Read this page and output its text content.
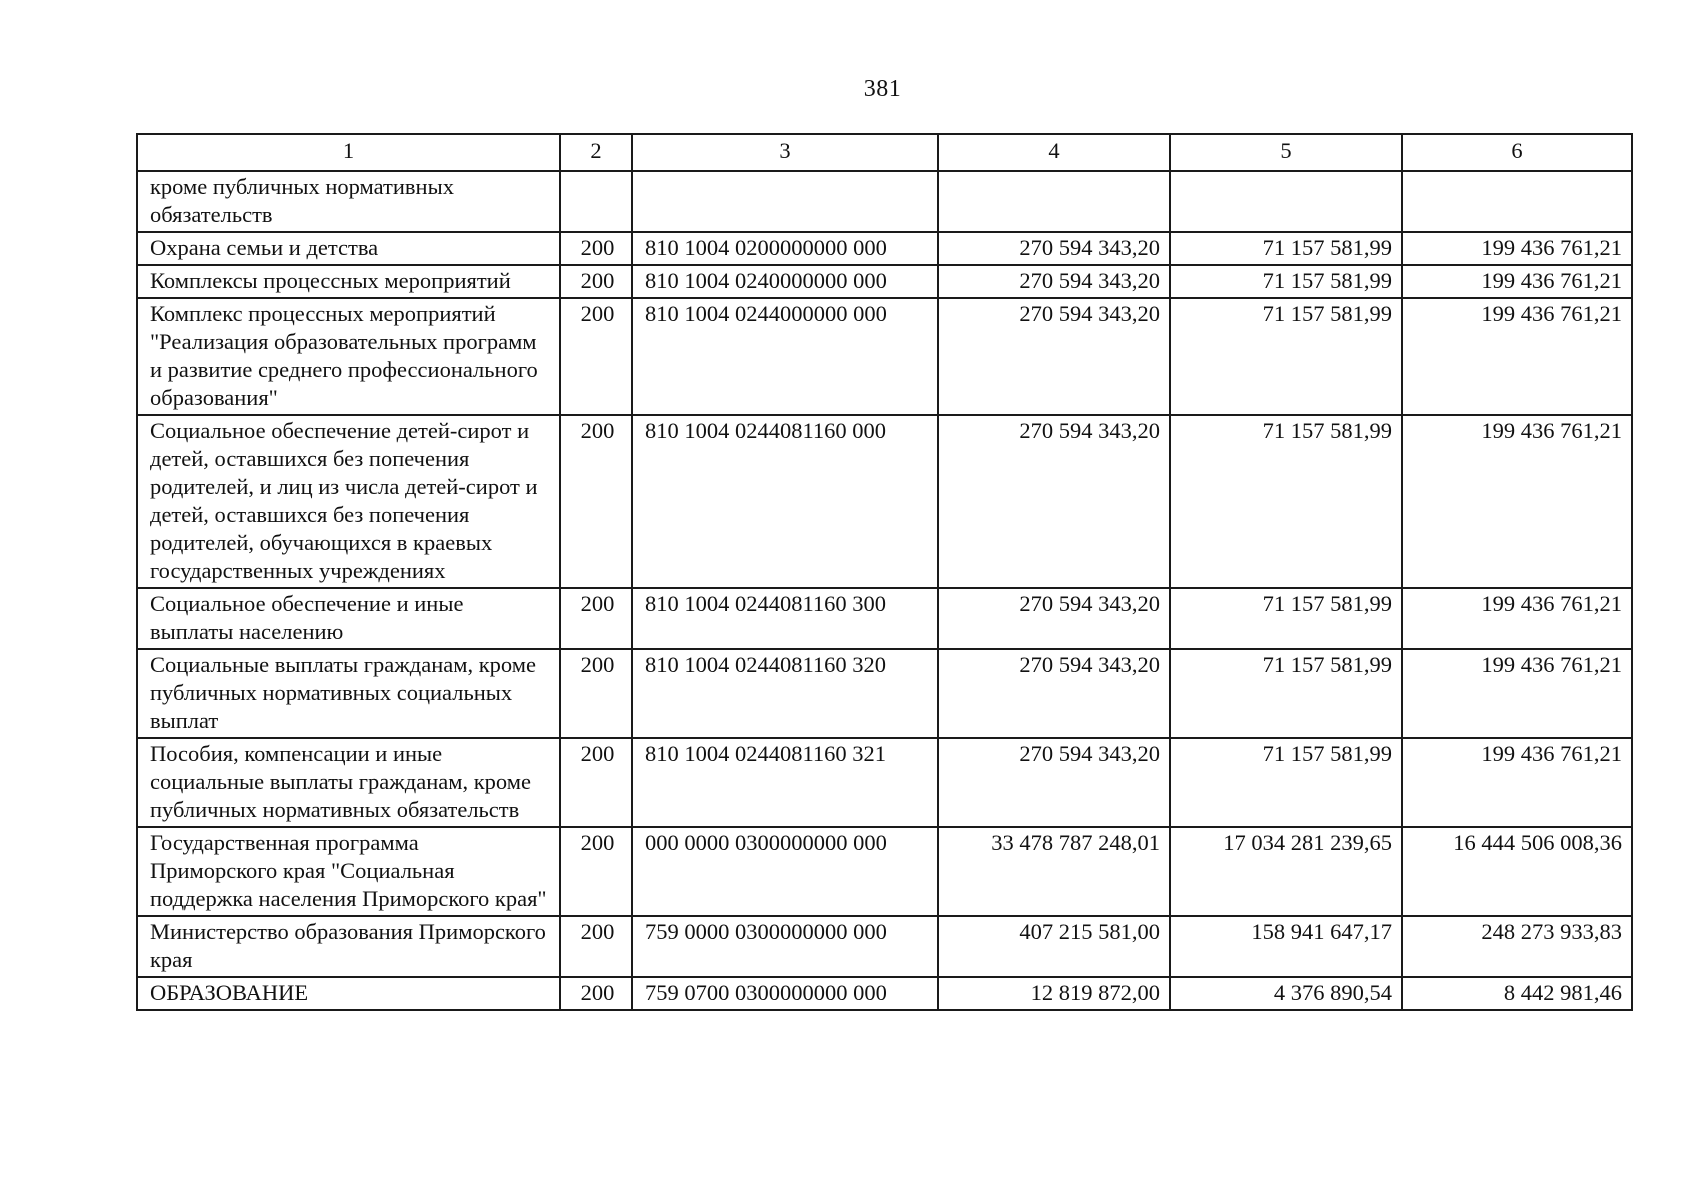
381
1	2	3	4	5	6
кроме публичных нормативных обязательств					
Охрана семьи и детства	200	810 1004 0200000000 000	270 594 343,20	71 157 581,99	199 436 761,21
Комплексы процессных мероприятий	200	810 1004 0240000000 000	270 594 343,20	71 157 581,99	199 436 761,21
Комплекс процессных мероприятий "Реализация образовательных программ и развитие среднего профессионального образования"	200	810 1004 0244000000 000	270 594 343,20	71 157 581,99	199 436 761,21
Социальное обеспечение детей-сирот и детей, оставшихся без попечения родителей, и лиц из числа детей-сирот и детей, оставшихся без попечения родителей, обучающихся в краевых государственных учреждениях	200	810 1004 0244081160 000	270 594 343,20	71 157 581,99	199 436 761,21
Социальное обеспечение и иные выплаты населению	200	810 1004 0244081160 300	270 594 343,20	71 157 581,99	199 436 761,21
Социальные выплаты гражданам, кроме публичных нормативных социальных выплат	200	810 1004 0244081160 320	270 594 343,20	71 157 581,99	199 436 761,21
Пособия, компенсации и иные социальные выплаты гражданам, кроме публичных нормативных обязательств	200	810 1004 0244081160 321	270 594 343,20	71 157 581,99	199 436 761,21
Государственная программа Приморского края "Социальная поддержка населения Приморского края"	200	000 0000 0300000000 000	33 478 787 248,01	17 034 281 239,65	16 444 506 008,36
Министерство образования Приморского края	200	759 0000 0300000000 000	407 215 581,00	158 941 647,17	248 273 933,83
ОБРАЗОВАНИЕ	200	759 0700 0300000000 000	12 819 872,00	4 376 890,54	8 442 981,46
